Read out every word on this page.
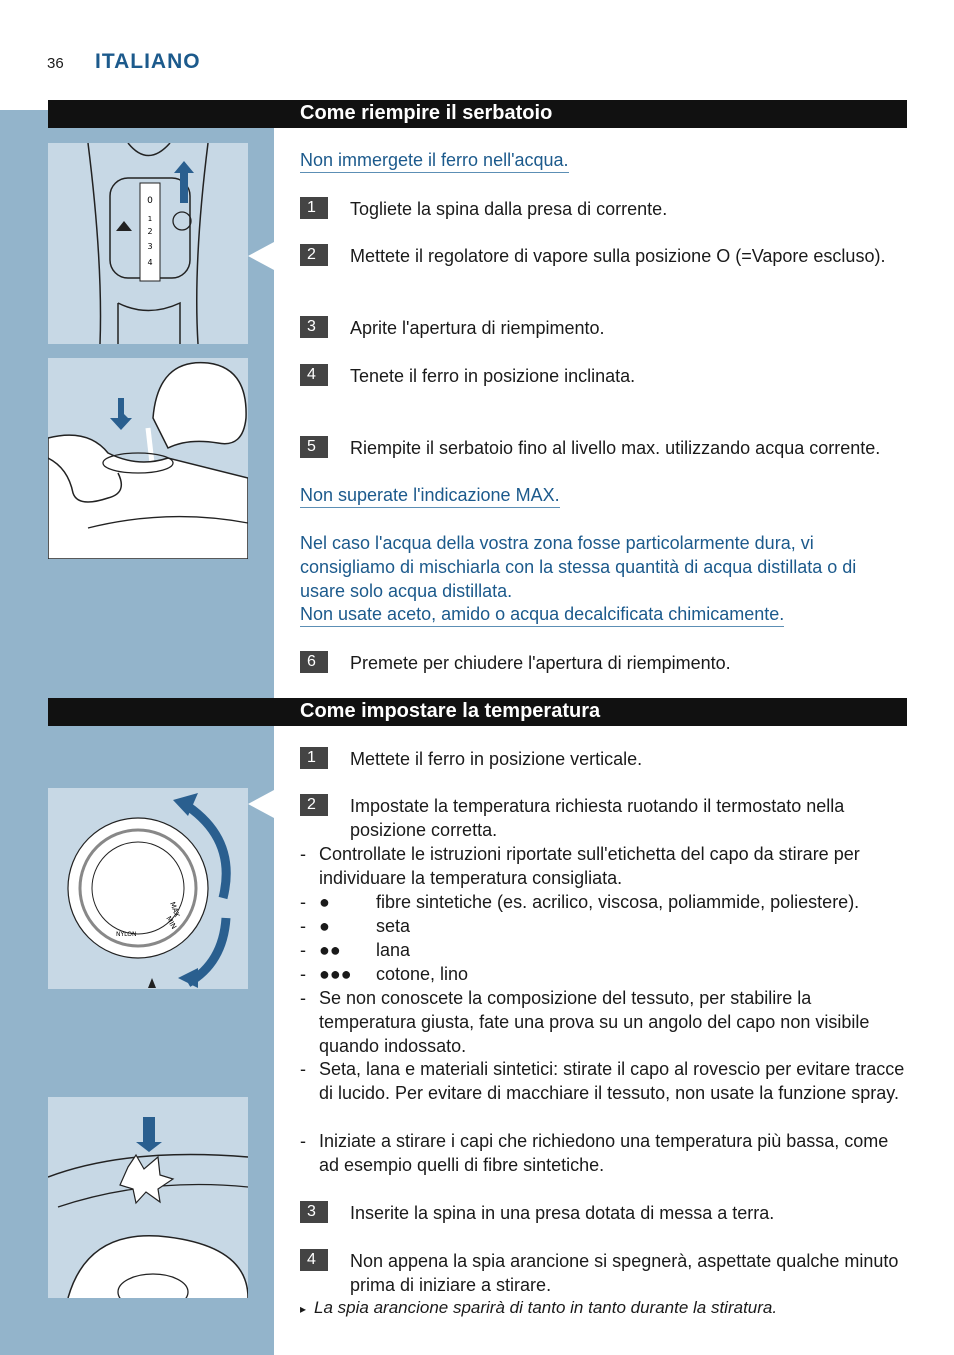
36 ITALIANO
Come riempire il serbatoio
0
1
2
3
4
Non immergete il ferro nell'acqua.
1	Togliete la spina dalla presa di corrente.
2	Mettete il regolatore di vapore sulla posizione O (=Vapore escluso).
3	Aprite l'apertura di riempimento.
4	Tenete il ferro in posizione inclinata.
5	Riempite il serbatoio fino al livello max. utilizzando acqua corrente.
Non superate l'indicazione MAX.
Nel caso l'acqua della vostra zona fosse particolarmente dura, vi consigliamo di mischiarla con la stessa quantità di acqua distillata o di usare solo acqua distillata.
Non usate aceto, amido o acqua decalcificata chimicamente.
6	Premete per chiudere l'apertura di riempimento.
Come impostare la temperatura
MAX
MIN
NYLON
1	Mettete il ferro in posizione verticale.
2	Impostate la temperatura richiesta ruotando il termostato nella posizione corretta.
- Controllate le istruzioni riportate sull'etichetta del capo da stirare per individuare la temperatura consigliata.
- ●	fibre sintetiche (es. acrilico, viscosa, poliammide, poliestere).
- ●	seta
- ●● lana
- ●●● cotone, lino
- Se non conoscete la composizione del tessuto, per stabilire la temperatura giusta, fate una prova su un angolo del capo non visibile quando indossato.
- Seta, lana e materiali sintetici: stirate il capo al rovescio per evitare tracce di lucido. Per evitare di macchiare il tessuto, non usate la funzione spray.
- Iniziate a stirare i capi che richiedono una temperatura più bassa, come ad esempio quelli di fibre sintetiche.
3	Inserite la spina in una presa dotata di messa a terra.
4	Non appena la spia arancione si spegnerà, aspettate qualche minuto prima di iniziare a stirare.
▸ La spia arancione sparirà di tanto in tanto durante la stiratura.
